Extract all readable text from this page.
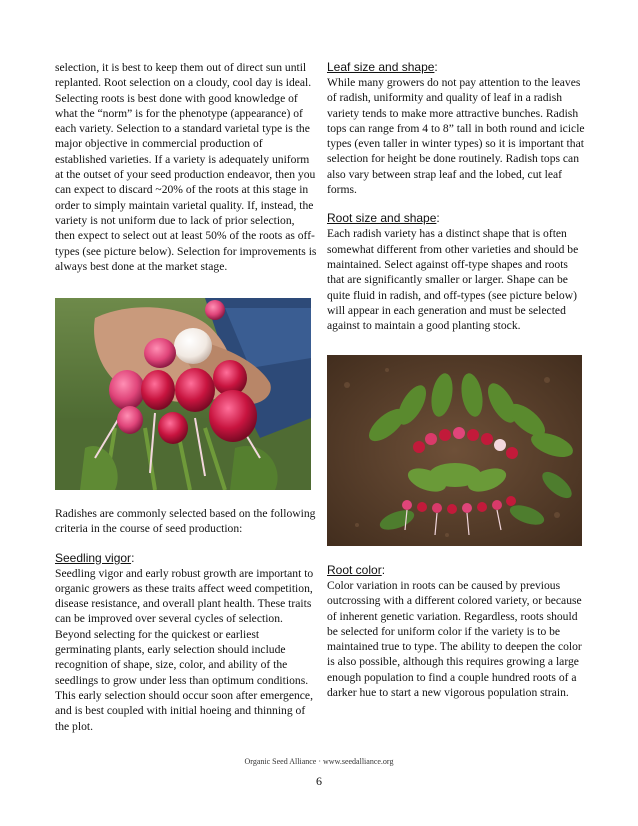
selection, it is best to keep them out of direct sun until replanted. Root selection on a cloudy, cool day is ideal. Selecting roots is best done with good knowledge of what the “norm” is for the phenotype (appearance) of each variety. Selection to a standard varietal type is the major objective in commercial production of established varieties. If a variety is adequately uniform at the outset of your seed production endeavor, then you can expect to discard ~20% of the roots at this stage in order to simply maintain varietal quality. If, instead, the variety is not uniform due to lack of prior selection, then expect to select out at least 50% of the roots as off-types (see picture below). Selection for improvements is always best done at the market stage.

Radishes are commonly selected based on the following criteria in the course of seed production:

Seedling vigor:

Seedling vigor and early robust growth are important to organic growers as these traits affect weed competition, disease resistance, and overall plant health. These traits can be improved over several cycles of selection. Beyond selecting for the quickest or earliest germinating plants, early selection should include recognition of shape, size, color, and ability of the seedlings to grow under less than optimum conditions. This early selection should occur soon after emergence, and is best coupled with initial hoeing and thinning of the plot.

Leaf size and shape:

While many growers do not pay attention to the leaves of radish, uniformity and quality of leaf in a radish variety tends to make more attractive bunches. Radish tops can range from 4 to 8” tall in both round and icicle types (even taller in winter types) so it is important that selection for height be done routinely. Radish tops can also vary between strap leaf and the lobed, cut leaf forms.

Root size and shape:

Each radish variety has a distinct shape that is often somewhat different from other varieties and should be maintained. Select against off-type shapes and roots that are significantly smaller or larger. Shape can be quite fluid in radish, and off-types (see picture below) will appear in each generation and must be selected against to maintain a good planting stock.

Root color:

Color variation in roots can be caused by previous outcrossing with a different colored variety, or because of inherent genetic variation. Regardless, roots should be selected for uniform color if the variety is to be maintained true to type. The ability to deepen the color is also possible, although this requires growing a large enough population to find a couple hundred roots of a darker hue to start a new vigorous population strain.

Organic Seed Alliance · www.seedalliance.org
6
